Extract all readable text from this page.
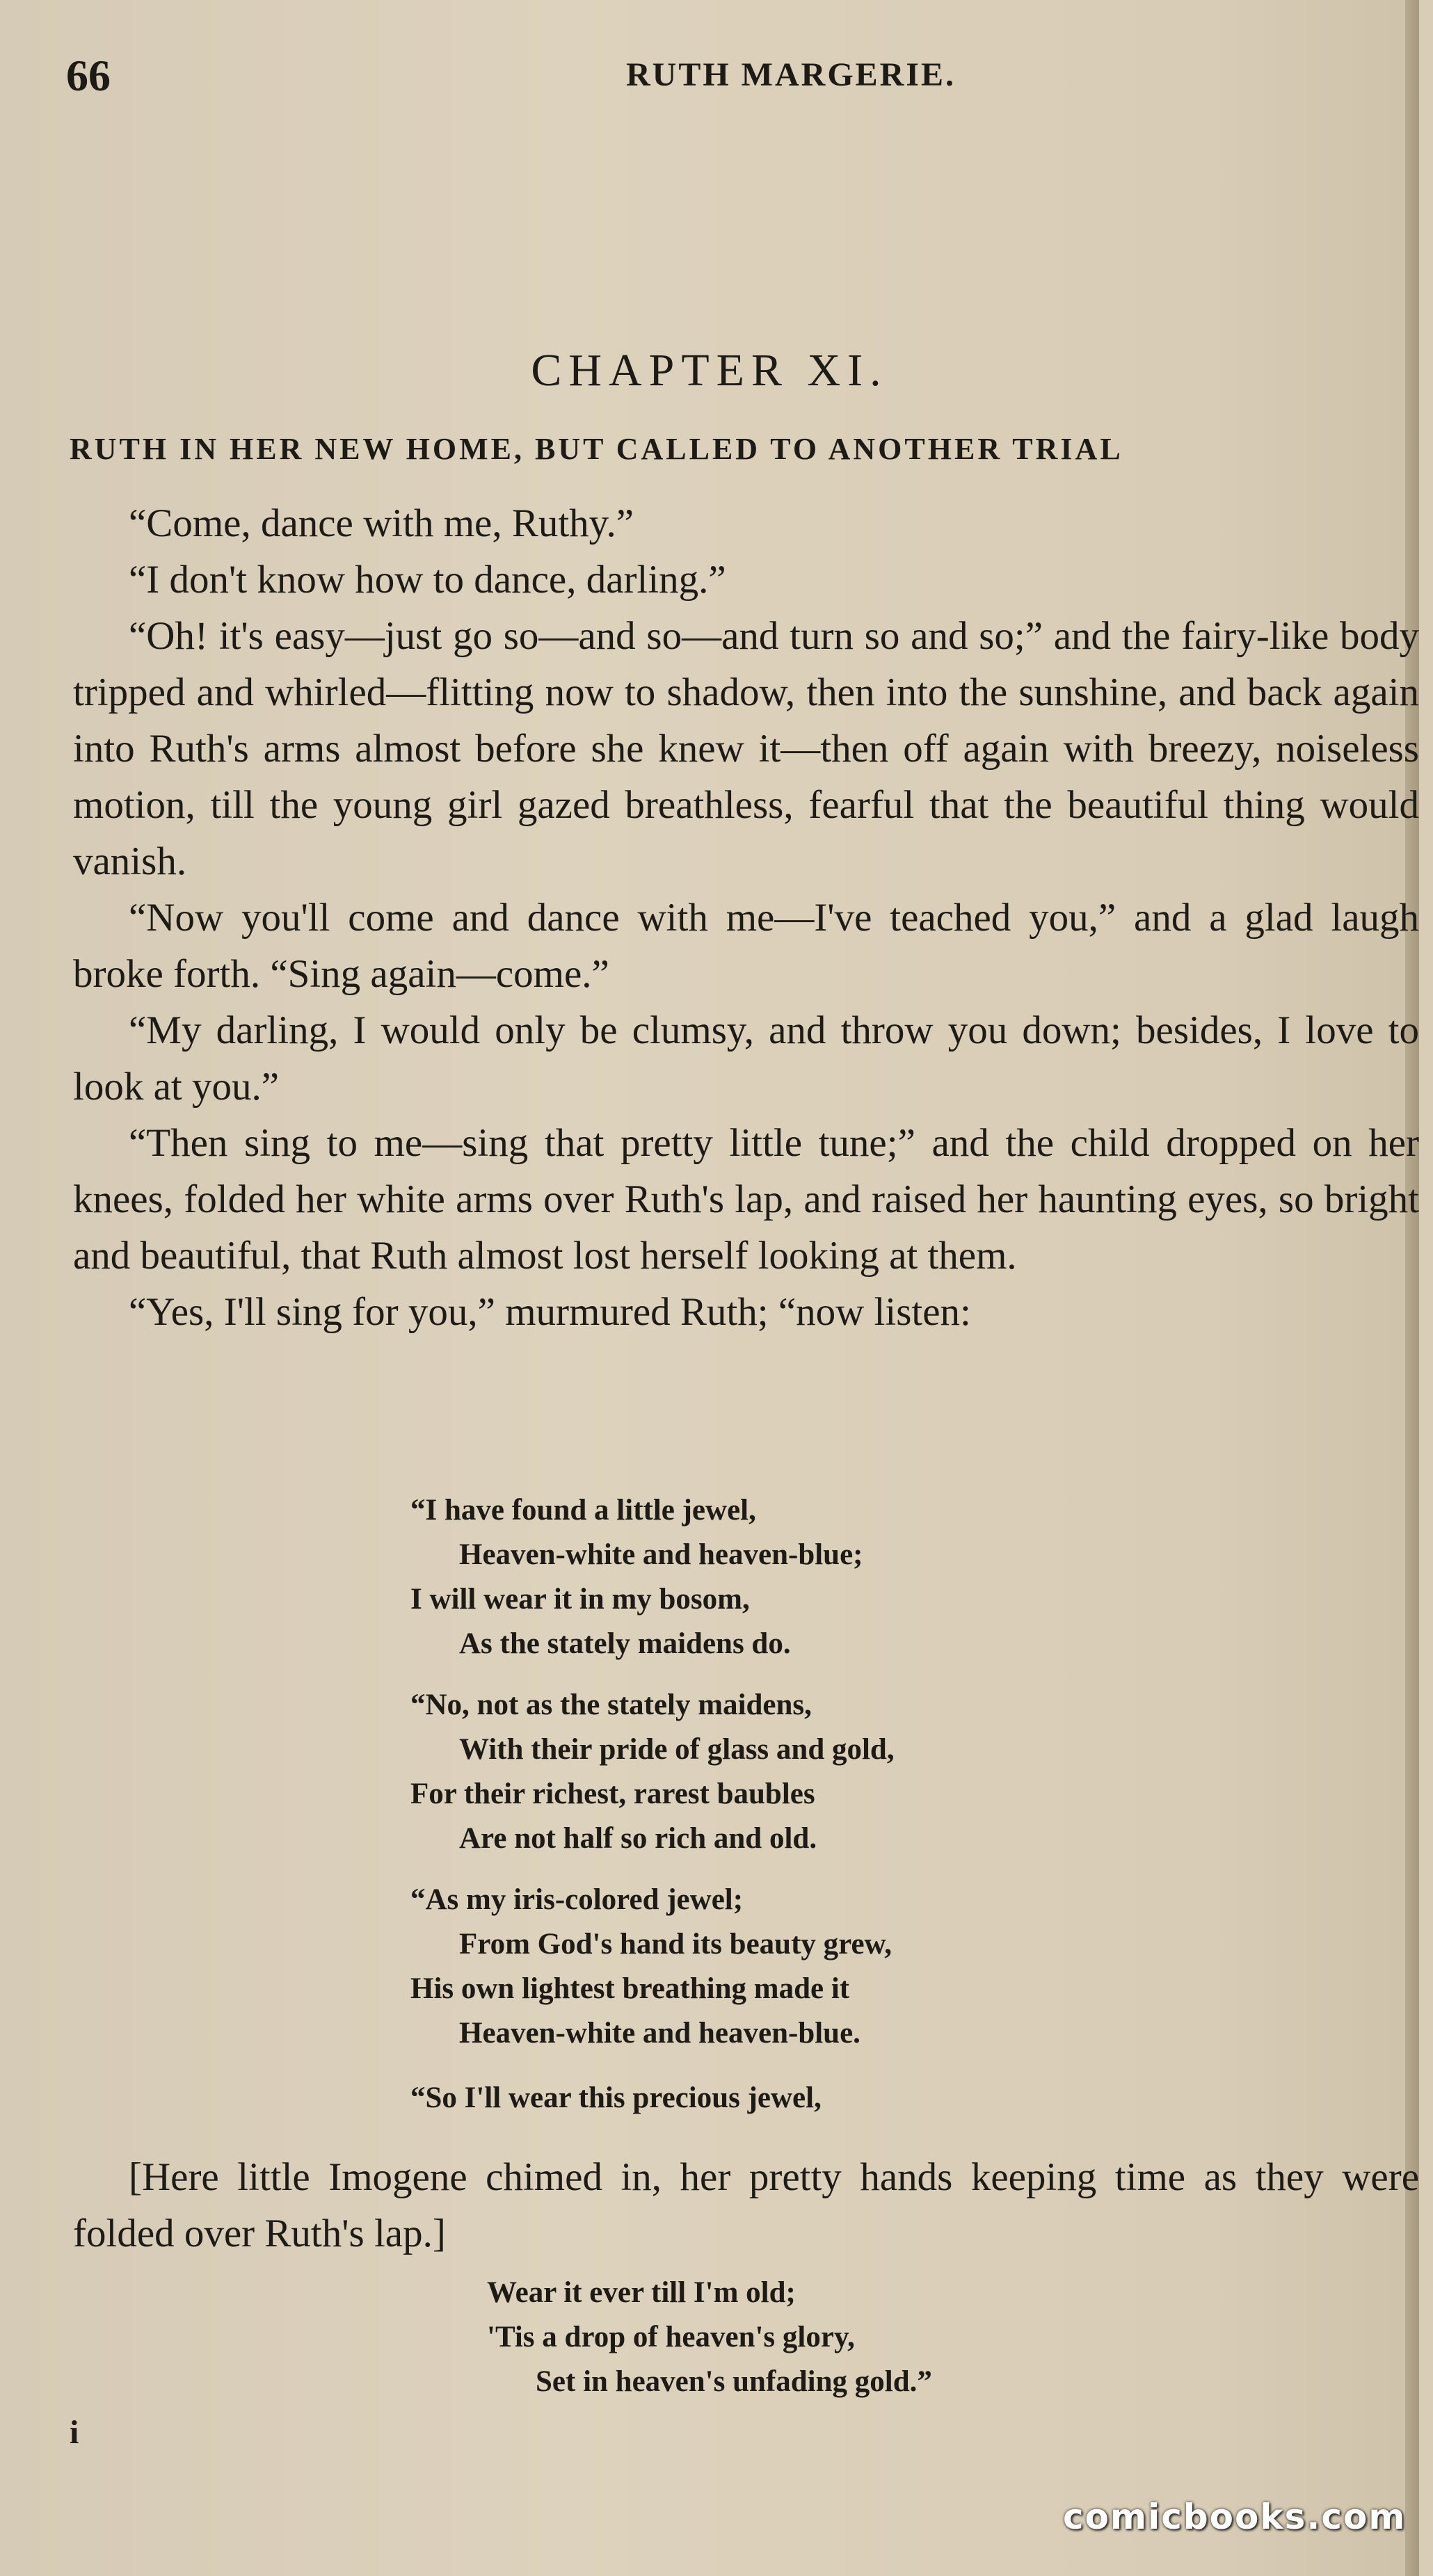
66	RUTH MARGERIE.
CHAPTER XI.
RUTH IN HER NEW HOME, BUT CALLED TO ANOTHER TRIAL

“Come, dance with me, Ruthy.”

“I don't know how to dance, darling.”

“Oh! it's easy—just go so—and so—and turn so and so;” and the fairy-like body tripped and whirled—flitting now to shadow, then into the sunshine, and back again into Ruth's arms almost before she knew it—then off again with breezy, noiseless motion, till the young girl gazed breathless, fearful that the beautiful thing would vanish.

“Now you'll come and dance with me—I've teached you,” and a glad laugh broke forth. “Sing again—come.”

“My darling, I would only be clumsy, and throw you down; besides, I love to look at you.”

“Then sing to me—sing that pretty little tune;” and the child dropped on her knees, folded her white arms over Ruth's lap, and raised her haunting eyes, so bright and beautiful, that Ruth almost lost herself looking at them.

“Yes, I'll sing for you,” murmured Ruth; “now listen:

“I have found a little jewel,
Heaven-white and heaven-blue;
I will wear it in my bosom,
As the stately maidens do.

“No, not as the stately maidens,
With their pride of glass and gold,
For their richest, rarest baubles
Are not half so rich and old.

“As my iris-colored jewel;
From God's hand its beauty grew,
His own lightest breathing made it
Heaven-white and heaven-blue.

“So I'll wear this precious jewel,

[Here little Imogene chimed in, her pretty hands keeping time as they were folded over Ruth's lap.]

Wear it ever till I'm old;
'Tis a drop of heaven's glory,
Set in heaven's unfading gold.”

i
comicbooks.com
